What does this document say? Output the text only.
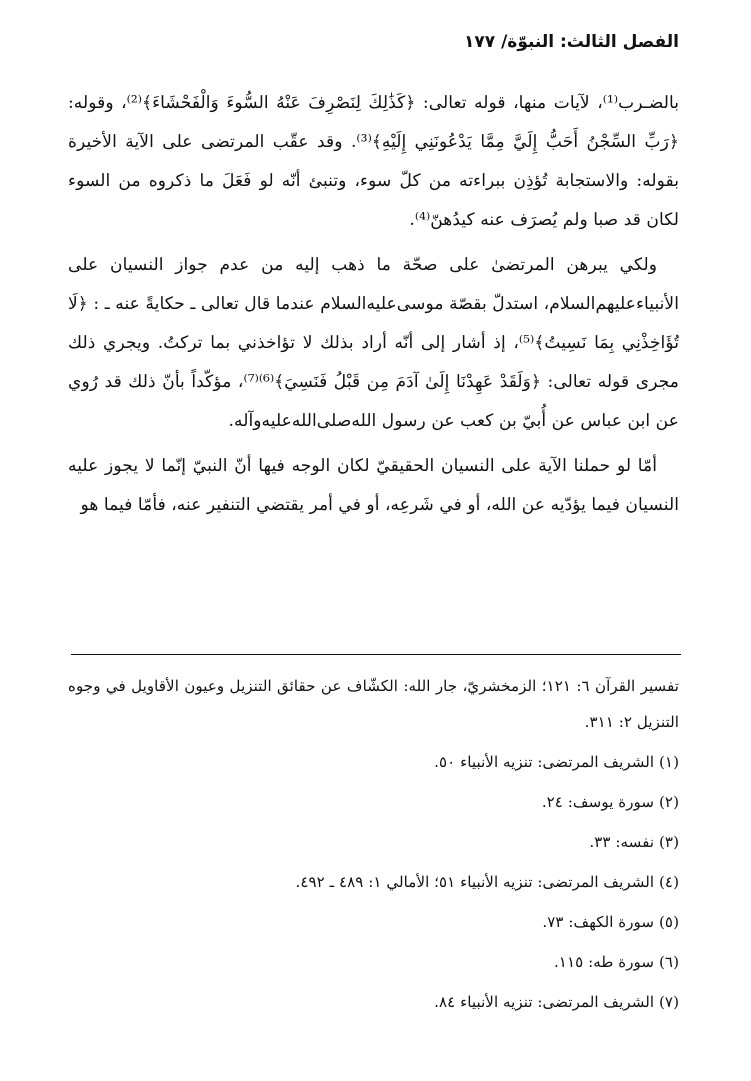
الفصل الثالث: النبوّة/ ١٧٧

بالضـرب⁽¹⁾، لآيات منها، قوله تعالى: ﴿كَذَٰلِكَ لِنَصْرِفَ عَنْهُ السُّوءَ وَالْفَحْشَاءَ﴾⁽²⁾، وقوله: ﴿رَبِّ السِّجْنُ أَحَبُّ إِلَيَّ مِمَّا يَدْعُونَنِي إِلَيْهِ﴾⁽³⁾. وقد عقّب المرتضى على الآية الأخيرة بقوله: والاستجابة تُؤذِن ببراءته من كلّ سوء، وتنبئ أنّه لو فَعَلَ ما ذكروه من السوء لكان قد صبا ولم يُصرَف عنه كيدُهنّ⁽⁴⁾.

ولكي يبرهن المرتضىٰ على صحّة ما ذهب إليه من عدم جواز النسيان على الأنبياء‌عليهم‌السلام، استدلّ بقصّة موسى‌عليه‌السلام عندما قال تعالى ـ حكايةً عنه ـ : ﴿لَا تُؤَاخِذْنِي بِمَا نَسِيتُ﴾⁽⁵⁾، إذ أشار إلى أنّه أراد بذلك لا تؤاخذني بما تركتُ. ويجري ذلك مجرى قوله تعالى: ﴿وَلَقَدْ عَهِدْنَا إِلَىٰ آدَمَ مِن قَبْلُ فَنَسِيَ﴾⁽⁶⁾⁽⁷⁾، مؤكّداً بأنّ ذلك قد رُوي عن ابن عباس عن أُبيّ بن كعب عن رسول الله‌صلى‌الله‌عليه‌وآله.

أمّا لو حملنا الآية على النسيان الحقيقيّ لكان الوجه فيها أنّ النبيّ إنّما لا يجوز عليه النسيان فيما يؤدّيه عن الله، أو في شَرعِه، أو في أمر يقتضي التنفير عنه، فأمّا فيما هو

تفسير القرآن ٦: ١٢١؛ الزمخشريّ، جار الله: الكشّاف عن حقائق التنزيل وعيون الأقاويل في وجوه التنزيل ٢: ٣١١.

(١) الشريف المرتضى: تنزيه الأنبياء ٥٠.
(٢) سورة يوسف: ٢٤.
(٣) نفسه: ٣٣.
(٤) الشريف المرتضى: تنزيه الأنبياء ٥١؛ الأمالي ١: ٤٨٩ ـ ٤٩٢.
(٥) سورة الكهف: ٧٣.
(٦) سورة طه: ١١٥.
(٧) الشريف المرتضى: تنزيه الأنبياء ٨٤.
